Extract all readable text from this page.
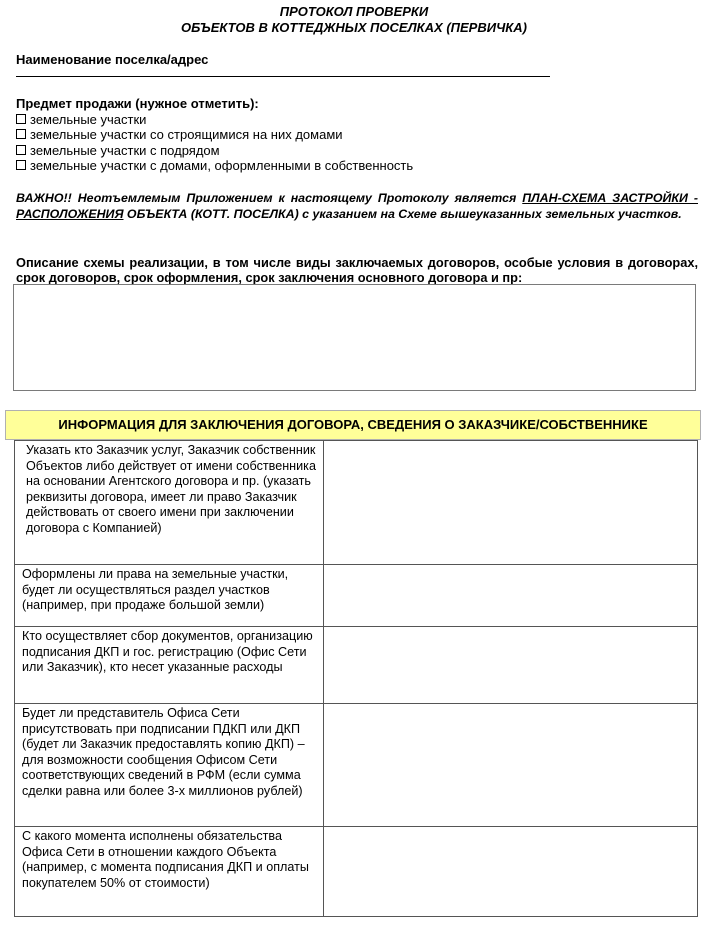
ПРОТОКОЛ ПРОВЕРКИ
ОБЪЕКТОВ В КОТТЕДЖНЫХ ПОСЕЛКАХ (ПЕРВИЧКА)
Наименование поселка/адрес
Предмет продажи (нужное отметить):
земельные участки
земельные участки со строящимися на них домами
земельные участки с подрядом
земельные участки с домами, оформленными в собственность
ВАЖНО!! Неотъемлемым Приложением к настоящему Протоколу является ПЛАН-СХЕМА ЗАСТРОЙКИ - РАСПОЛОЖЕНИЯ ОБЪЕКТА (КОТТ. ПОСЕЛКА) с указанием на Схеме вышеуказанных земельных участков.
Описание схемы реализации, в том числе виды заключаемых договоров, особые условия в договорах, срок договоров, срок оформления, срок заключения основного договора и пр:
ИНФОРМАЦИЯ ДЛЯ ЗАКЛЮЧЕНИЯ ДОГОВОРА, СВЕДЕНИЯ О ЗАКАЗЧИКЕ/СОБСТВЕННИКЕ
Указать кто Заказчик услуг, Заказчик собственник Объектов либо действует от имени собственника на основании Агентского договора и пр. (указать реквизиты договора, имеет ли право Заказчик действовать от своего имени при заключении договора с Компанией)
Оформлены ли права на земельные участки, будет ли осуществляться раздел участков (например, при продаже большой земли)
Кто осуществляет сбор документов, организацию подписания ДКП и гос. регистрацию (Офис Сети или Заказчик), кто несет указанные расходы
Будет ли представитель Офиса Сети присутствовать при подписании ПДКП или ДКП (будет ли Заказчик предоставлять копию ДКП) – для возможности сообщения Офисом Сети соответствующих сведений в РФМ (если сумма сделки равна или более 3-х миллионов рублей)
С какого момента исполнены обязательства Офиса Сети в отношении каждого Объекта (например, с момента подписания ДКП и оплаты покупателем 50% от стоимости)
